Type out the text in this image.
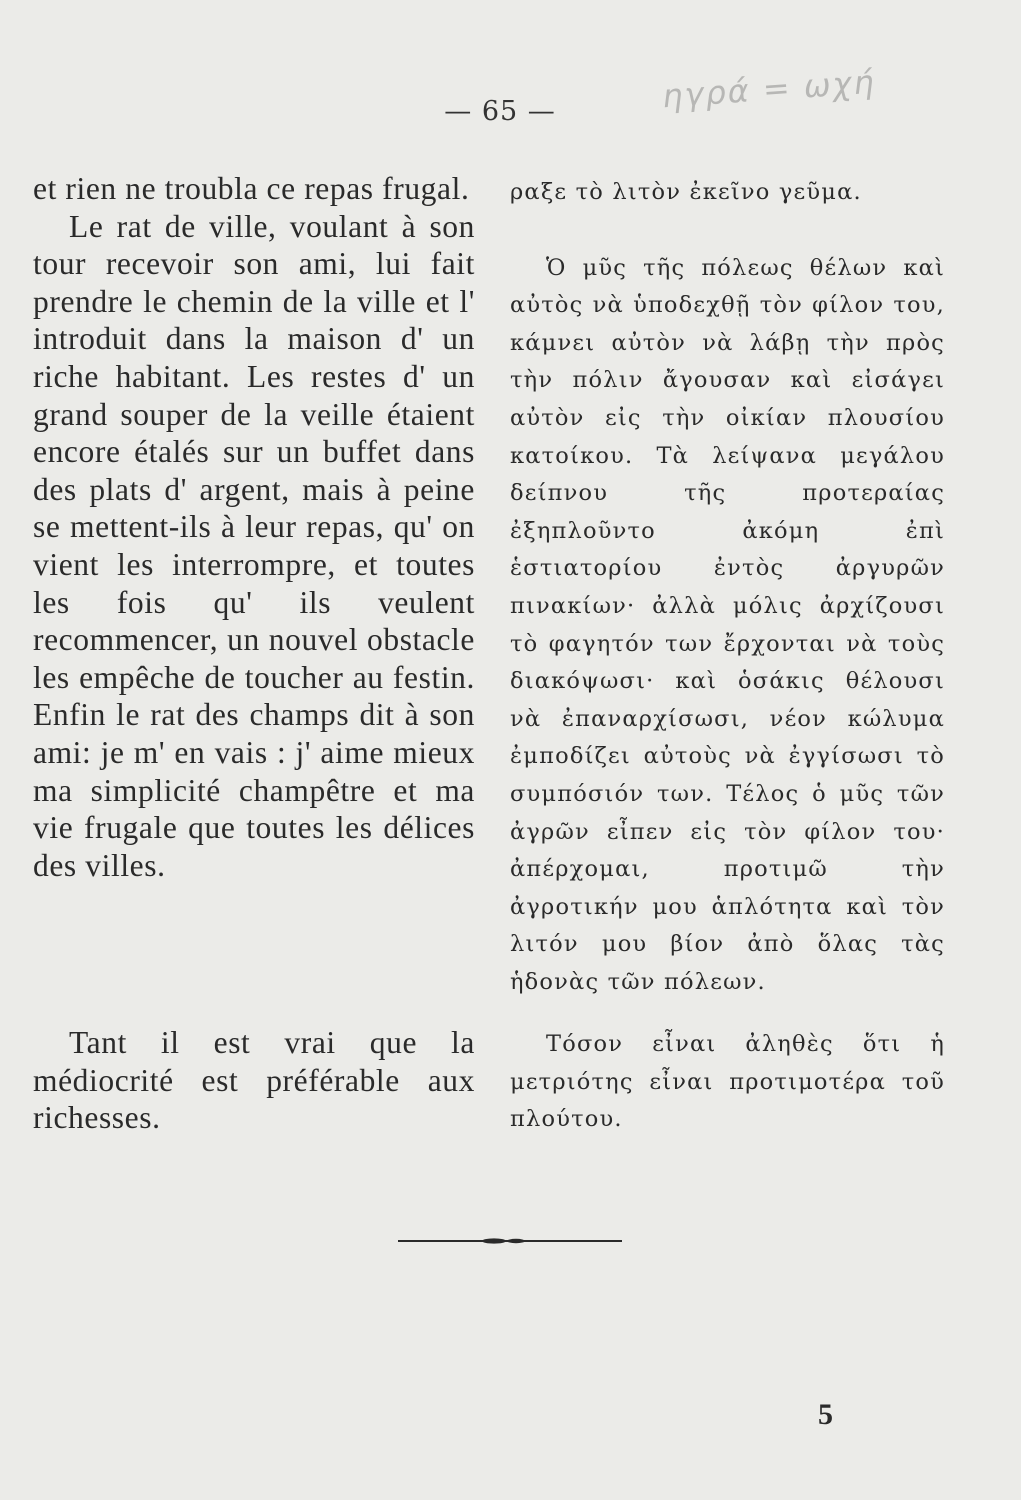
— 65 —	ηγρά = ωχή

et rien ne troubla ce repas frugal.

Le rat de ville, voulant à son tour recevoir son ami, lui fait prendre le chemin de la ville et l' introduit dans la maison d' un riche habitant. Les restes d' un grand souper de la veille étaient encore étalés sur un buffet dans des plats d' argent, mais à peine se mettent-ils à leur repas, qu' on vient les interrompre, et toutes les fois qu' ils veulent recommencer, un nouvel obstacle les empêche de toucher au festin. Enfin le rat des champs dit à son ami: je m' en vais : j' aime mieux ma simplicité champêtre et ma vie frugale que toutes les délices des villes.

ραξε τὸ λιτὸν ἐκεῖνο γεῦμα.

Ὁ μῦς τῆς πόλεως θέλων καὶ αὐτὸς νὰ ὑποδεχθῇ τὸν φίλον του, κάμνει αὐτὸν νὰ λάβῃ τὴν πρὸς τὴν πόλιν ἄγουσαν καὶ εἰσάγει αὐτὸν εἰς τὴν οἰκίαν πλουσίου κατοίκου. Τὰ λείψανα μεγάλου δείπνου τῆς προτεραίας ἐξηπλοῦντο ἀκόμη ἐπὶ ἑστιατορίου ἐντὸς ἀργυρῶν πινακίων· ἀλλὰ μόλις ἀρχίζουσι τὸ φαγητόν των ἔρχονται νὰ τοὺς διακόψωσι· καὶ ὁσάκις θέλουσι νὰ ἐπαναρχίσωσι, νέον κώλυμα ἐμποδίζει αὐτοὺς νὰ ἐγγίσωσι τὸ συμπόσιόν των. Τέλος ὁ μῦς τῶν ἀγρῶν εἶπεν εἰς τὸν φίλον του· ἀπέρχομαι, προτιμῶ τὴν ἀγροτικήν μου ἁπλότητα καὶ τὸν λιτόν μου βίον ἀπὸ ὅλας τὰς ἡδονὰς τῶν πόλεων.

Tant il est vrai que la médiocrité est préférable aux richesses.
Τόσον εἶναι ἀληθὲς ὅτι ἡ μετριότης εἶναι προτιμοτέρα τοῦ πλούτου.
5
